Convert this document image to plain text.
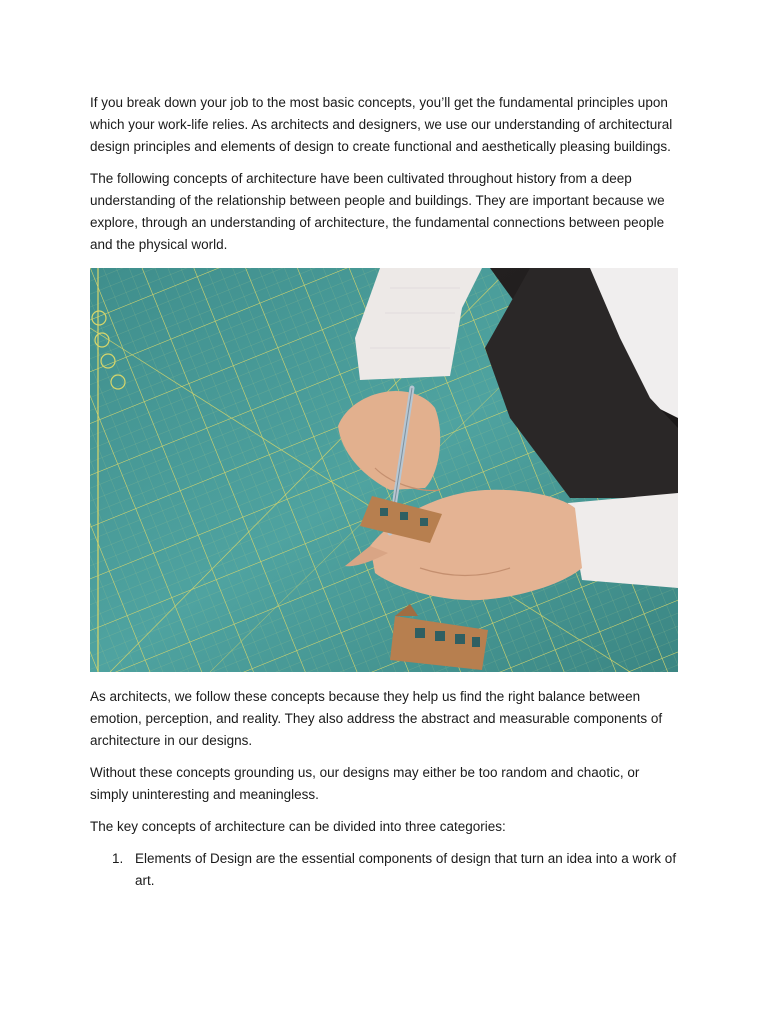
If you break down your job to the most basic concepts, you’ll get the fundamental principles upon which your work-life relies. As architects and designers, we use our understanding of architectural design principles and elements of design to create functional and aesthetically pleasing buildings.

The following concepts of architecture have been cultivated throughout history from a deep understanding of the relationship between people and buildings. They are important because we explore, through an understanding of architecture, the fundamental connections between people and the physical world.

As architects, we follow these concepts because they help us find the right balance between emotion, perception, and reality. They also address the abstract and measurable components of architecture in our designs.

Without these concepts grounding us, our designs may either be too random and chaotic, or simply uninteresting and meaningless.

The key concepts of architecture can be divided into three categories:

1. Elements of Design are the essential components of design that turn an idea into a work of art.
